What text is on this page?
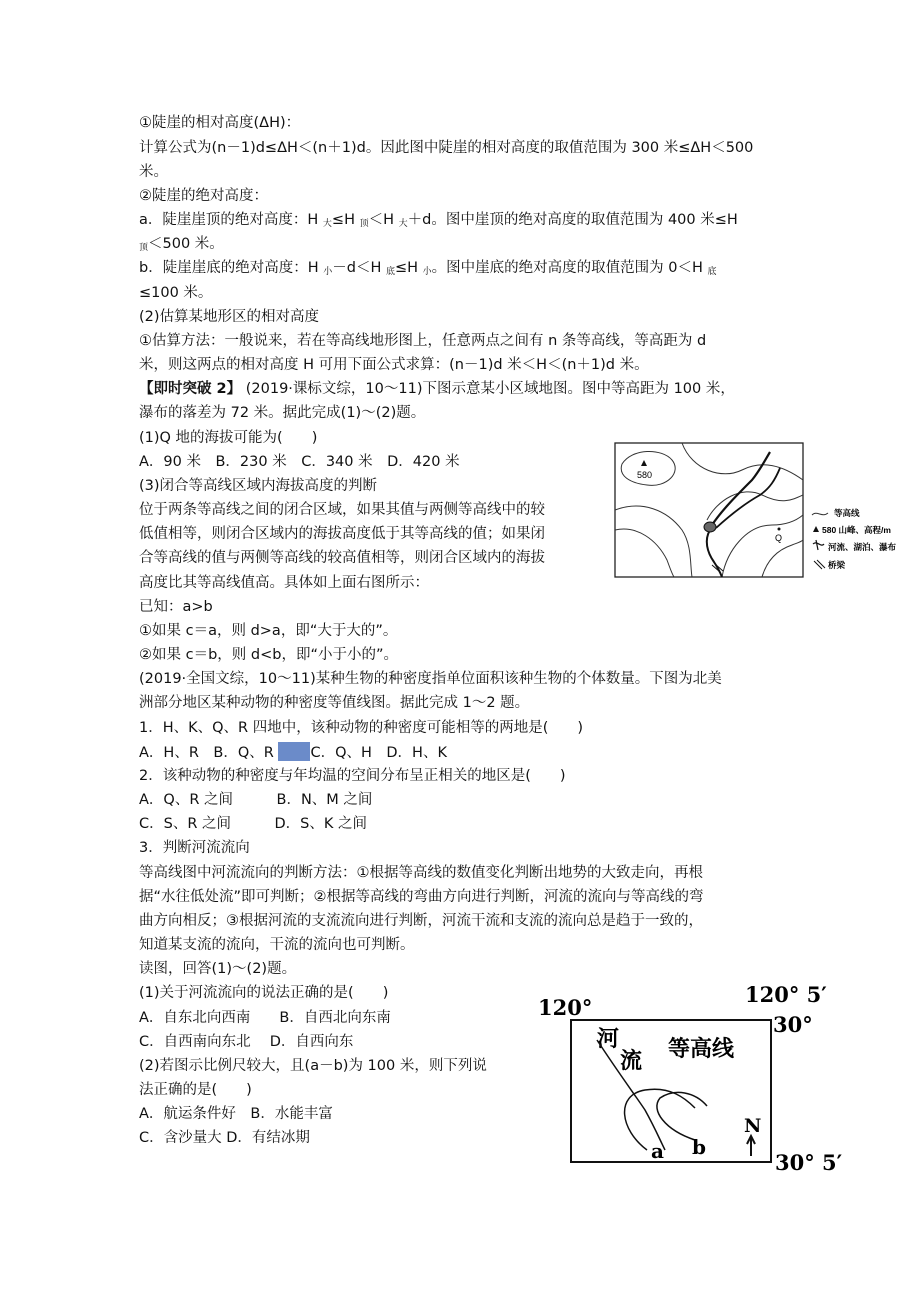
①陡崖的相对高度(ΔH)：
计算公式为(n－1)d≤ΔH＜(n＋1)d。因此图中陡崖的相对高度的取值范围为 300 米≤ΔH＜500
米。
②陡崖的绝对高度：
a．陡崖崖顶的绝对高度：H $_大$≤H $_顶$＜H $_大$＋d。图中崖顶的绝对高度的取值范围为 400 米≤H
$_顶$＜500 米。
b．陡崖崖底的绝对高度：H $_小$－d＜H $_底$≤H $_小$。图中崖底的绝对高度的取值范围为 0＜H $_底$
≤100 米。
(2)估算某地形区的相对高度
①估算方法：一般说来，若在等高线地形图上，任意两点之间有 n 条等高线，等高距为 d
米，则这两点的相对高度 H 可用下面公式求算：(n－1)d 米＜H＜(n＋1)d 米。
【即时突破 2】 (2019·课标文综，10～11)下图示意某小区域地图。图中等高距为 100 米，
瀑布的落差为 72 米。据此完成(1)～(2)题。
(1)Q 地的海拔可能为(　　)
A．90 米　B．230 米　C．340 米　D．420 米
(3)闭合等高线区域内海拔高度的判断
位于两条等高线之间的闭合区域，如果其值与两侧等高线中的较
低值相等，则闭合区域内的海拔高度低于其等高线的值；如果闭
合等高线的值与两侧等高线的较高值相等，则闭合区域内的海拔
高度比其等高线值高。具体如上面右图所示：
已知：a>b
①如果 c＝a，则 d>a，即“大于大的”。
②如果 c＝b，则 d<b，即“小于小的”。
(2019·全国文综，10～11)某种生物的种密度指单位面积该种生物的个体数量。下图为北美
洲部分地区某种动物的种密度等值线图。据此完成 1～2 题。
1．H、K、Q、R 四地中，该种动物的种密度可能相等的两地是(　　)
A．H、R　B．Q、R C．Q、H　D．H、K
2．该种动物的种密度与年均温的空间分布呈正相关的地区是(　　)
A．Q、R 之间　　　B．N、M 之间
C．S、R 之间　　　D．S、K 之间
3．判断河流流向
等高线图中河流流向的判断方法：①根据等高线的数值变化判断出地势的大致走向，再根
据“水往低处流”即可判断；②根据等高线的弯曲方向进行判断，河流的流向与等高线的弯
曲方向相反；③根据河流的支流流向进行判断，河流干流和支流的流向总是趋于一致的，
知道某支流的流向，干流的流向也可判断。
读图，回答(1)～(2)题。
(1)关于河流流向的说法正确的是(　　)
A．自东北向西南　　B．自西北向东南
C．自西南向东北　 D．自西向东
(2)若图示比例尺较大，且(a－b)为 100 米，则下列说
法正确的是(　　)
A．航运条件好　B．水能丰富
C．含沙量大 D．有结冰期
580
Q
等高线
580 山峰、高程/m
河流、湖泊、瀑布
桥梁
120°
120° 5′
30°
30° 5′
河
流 等高线
a b
N
